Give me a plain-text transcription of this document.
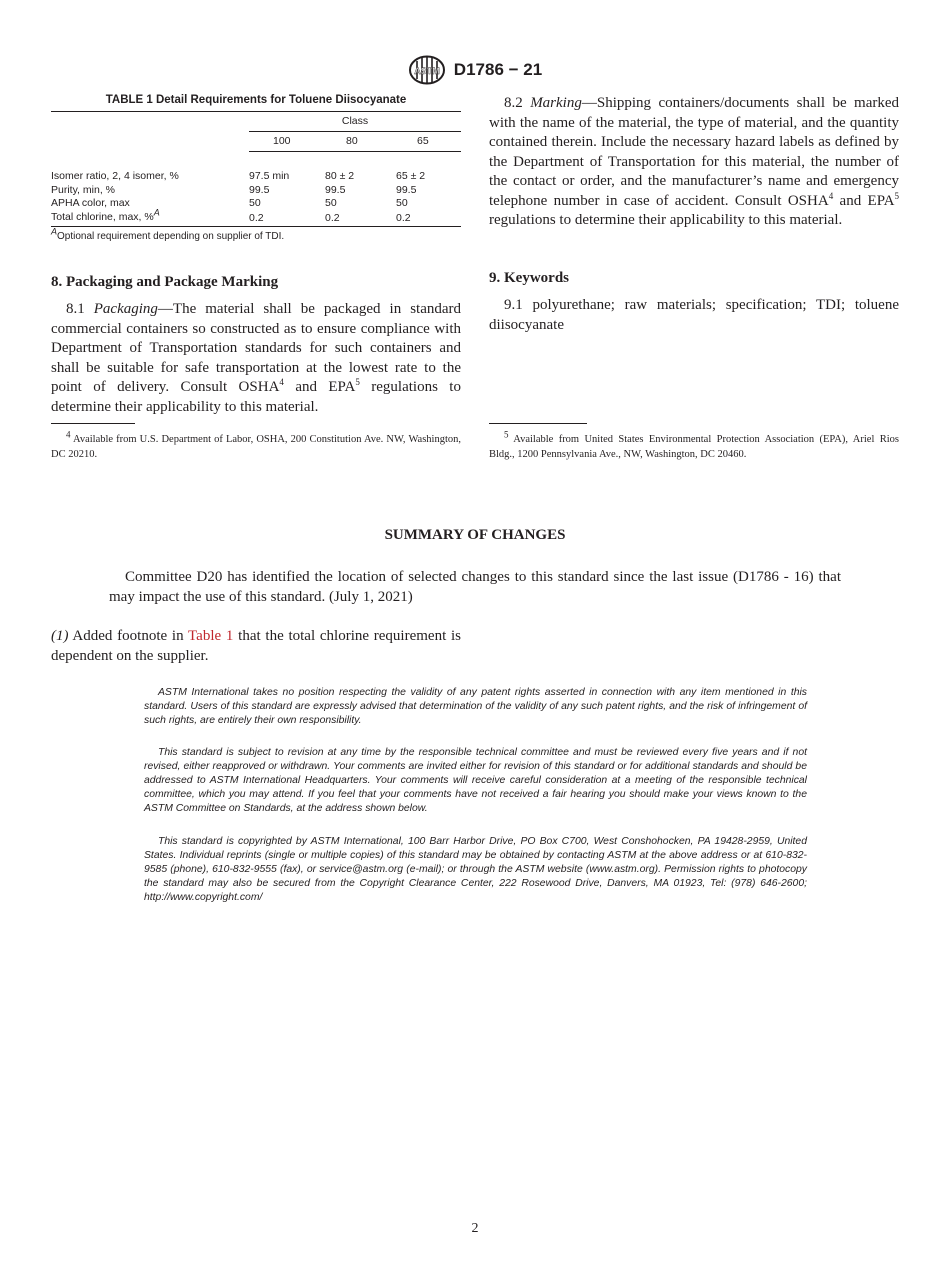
ASTM D1786 − 21
TABLE 1 Detail Requirements for Toluene Diisocyanate
	Class		
	100	80	65

Isomer ratio, 2, 4 isomer, %	97.5 min	80 ± 2	65 ± 2
Purity, min, %	99.5	99.5	99.5
APHA color, max	50	50	50
Total chlorine, max, %$^A$	0.2	0.2	0.2
$^A$Optional requirement depending on supplier of TDI.
8. Packaging and Package Marking
8.1 Packaging—The material shall be packaged in standard commercial containers so constructed as to ensure compliance with Department of Transportation standards for such containers and shall be suitable for safe transportation at the lowest rate to the point of delivery. Consult OSHA$^4$ and EPA$^5$ regulations to determine their applicability to this material.
8.2 Marking—Shipping containers/documents shall be marked with the name of the material, the type of material, and the quantity contained therein. Include the necessary hazard labels as defined by the Department of Transportation for this material, the number of the contact or order, and the manufacturer’s name and emergency telephone number in case of accident. Consult OSHA$^4$ and EPA$^5$ regulations to determine their applicability to this material.
9. Keywords
9.1 polyurethane; raw materials; specification; TDI; toluene diisocyanate
$^4$ Available from U.S. Department of Labor, OSHA, 200 Constitution Ave. NW, Washington, DC 20210.
$^5$ Available from United States Environmental Protection Association (EPA), Ariel Rios Bldg., 1200 Pennsylvania Ave., NW, Washington, DC 20460.
SUMMARY OF CHANGES
Committee D20 has identified the location of selected changes to this standard since the last issue (D1786 - 16) that may impact the use of this standard. (July 1, 2021)
(1) Added footnote in Table 1 that the total chlorine requirement is dependent on the supplier.
ASTM International takes no position respecting the validity of any patent rights asserted in connection with any item mentioned in this standard. Users of this standard are expressly advised that determination of the validity of any such patent rights, and the risk of infringement of such rights, are entirely their own responsibility.
This standard is subject to revision at any time by the responsible technical committee and must be reviewed every five years and if not revised, either reapproved or withdrawn. Your comments are invited either for revision of this standard or for additional standards and should be addressed to ASTM International Headquarters. Your comments will receive careful consideration at a meeting of the responsible technical committee, which you may attend. If you feel that your comments have not received a fair hearing you should make your views known to the ASTM Committee on Standards, at the address shown below.
This standard is copyrighted by ASTM International, 100 Barr Harbor Drive, PO Box C700, West Conshohocken, PA 19428-2959, United States. Individual reprints (single or multiple copies) of this standard may be obtained by contacting ASTM at the above address or at 610-832-9585 (phone), 610-832-9555 (fax), or service@astm.org (e-mail); or through the ASTM website (www.astm.org). Permission rights to photocopy the standard may also be secured from the Copyright Clearance Center, 222 Rosewood Drive, Danvers, MA 01923, Tel: (978) 646-2600; http://www.copyright.com/
2
